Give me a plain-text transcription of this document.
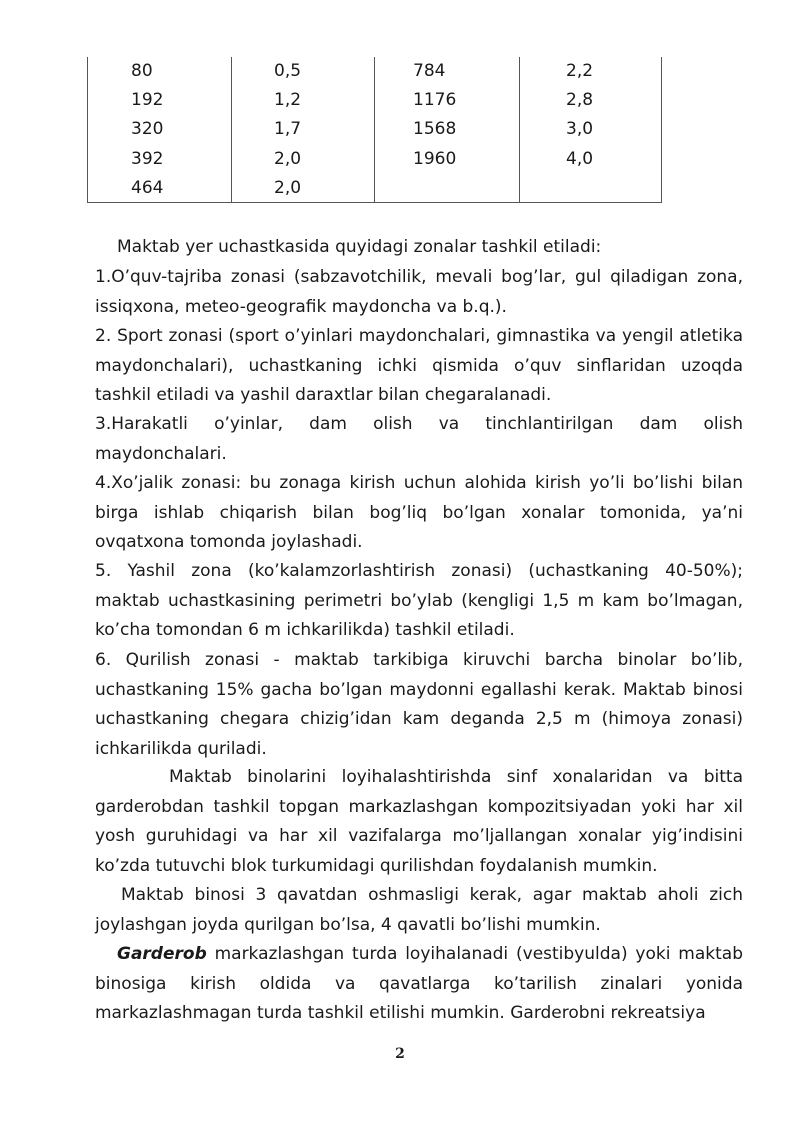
80
192
320
392
464
0,5
1,2
1,7
2,0
2,0
784
1176
1568
1960
2,2
2,8
3,0
4,0

Maktab yer uchastkasida quyidagi zonalar tashkil etiladi:

1.O’quv-tajriba zonasi (sabzavotchilik, mevali bog’lar, gul qiladigan zona, issiqxona, meteo-geografik maydoncha va b.q.).

2. Sport zonasi (sport o’yinlari maydonchalari, gimnastika va yengil atletika maydonchalari), uchastkaning ichki qismida o’quv sinflaridan uzoqda tashkil etiladi va yashil daraxtlar bilan chegaralanadi.

3.Harakatli o’yinlar, dam olish va tinchlantirilgan dam olish

maydonchalari.

4.Xo’jalik zonasi: bu zonaga kirish uchun alohida kirish yo’li bo’lishi bilan birga ishlab chiqarish bilan bog’liq bo’lgan xonalar tomonida, ya’ni ovqatxona tomonda joylashadi.

5. Yashil zona (ko’kalamzorlashtirish zonasi) (uchastkaning 40-50%); maktab uchastkasining perimetri bo’ylab (kengligi 1,5 m kam bo’lmagan, ko’cha tomondan 6 m ichkarilikda) tashkil etiladi.

6. Qurilish zonasi - maktab tarkibiga kiruvchi barcha binolar bo’lib, uchastkaning 15% gacha bo’lgan maydonni egallashi kerak. Maktab binosi uchastkaning chegara chizig’idan kam deganda 2,5 m (himoya zonasi) ichkarilikda quriladi.

Maktab binolarini loyihalashtirishda sinf xonalaridan va bitta garderobdan tashkil topgan markazlashgan kompozitsiyadan yoki har xil yosh guruhidagi va har xil vazifalarga mo’ljallangan xonalar yig’indisini ko’zda tutuvchi blok turkumidagi qurilishdan foydalanish mumkin.

Maktab binosi 3 qavatdan oshmasligi kerak, agar maktab aholi zich joylashgan joyda qurilgan bo’lsa, 4 qavatli bo’lishi mumkin.

Garderob markazlashgan turda loyihalanadi (vestibyulda) yoki maktab binosiga kirish oldida va qavatlarga ko’tarilish zinalari yonida markazlashmagan turda tashkil etilishi mumkin. Garderobni rekreatsiya

2
